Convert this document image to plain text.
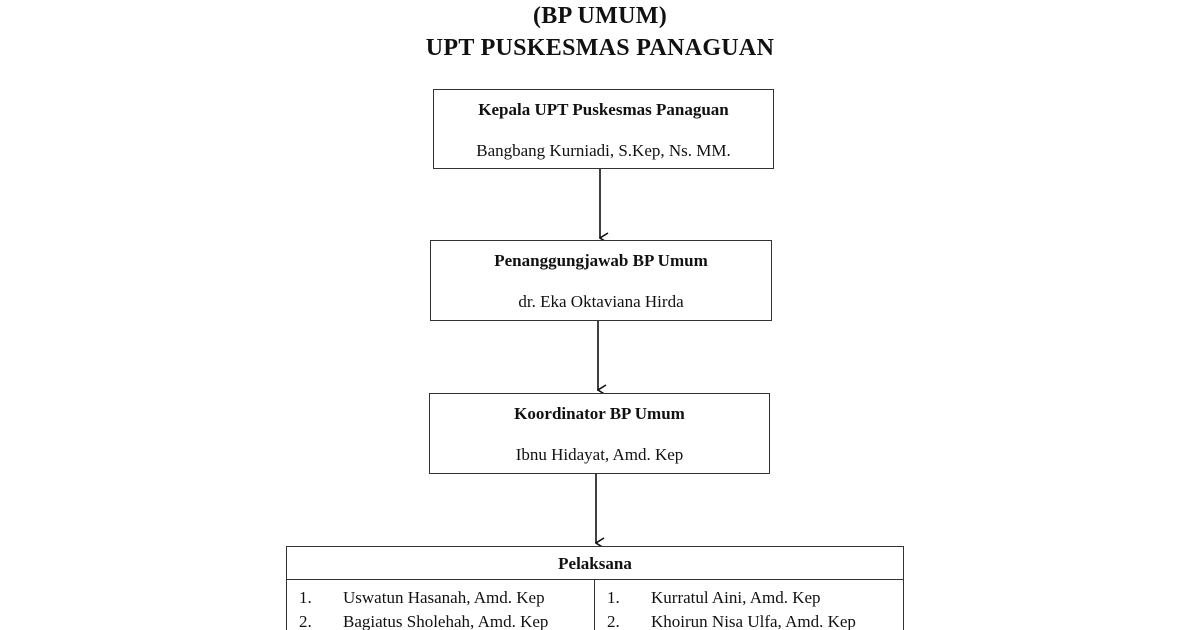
(BP UMUM)
UPT PUSKESMAS PANAGUAN
Kepala UPT Puskesmas Panaguan
Bangbang Kurniadi, S.Kep, Ns. MM.
Penanggungjawab BP Umum
dr. Eka Oktaviana Hirda
Koordinator BP Umum
Ibnu Hidayat, Amd. Kep
Pelaksana
1. Uswatun Hasanah, Amd. Kep
2. Bagiatus Sholehah, Amd. Kep
1. Kurratul Aini, Amd. Kep
2. Khoirun Nisa Ulfa, Amd. Kep
